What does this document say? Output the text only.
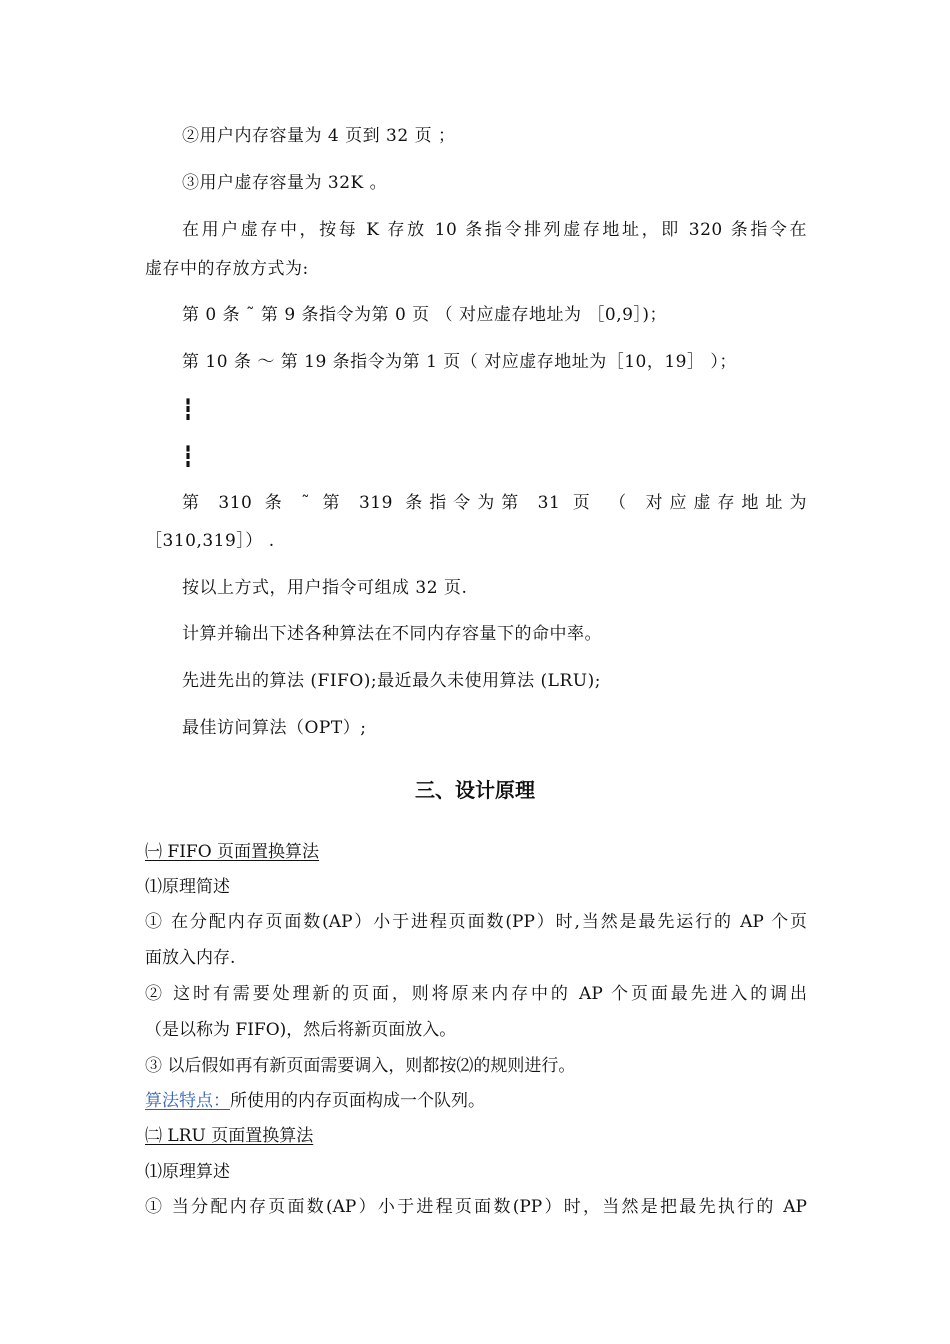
②用户内存容量为 4 页到 32 页 ；
③用户虚存容量为 32K 。
在用户虚存中，按每 K 存放 10 条指令排列虚存地址，即 320 条指令在
虚存中的存放方式为:
第 0 条 ˜ 第 9 条指令为第 0 页 （ 对应虚存地址为 ［0,9］)；
第 10 条 ～ 第 19 条指令为第 1 页（ 对应虚存地址为［10，19］ ）；
┇
┇
第 310 条 ˜ 第 319 条指令为第 31 页 （ 对应虚存地址为
［310,319］） .
按以上方式，用户指令可组成 32 页.
计算并输出下述各种算法在不同内存容量下的命中率。
先进先出的算法 (FIFO);最近最久未使用算法 (LRU);
最佳访问算法（OPT）;
三、设计原理
㈠ FIFO 页面置换算法
⑴原理简述
① 在分配内存页面数(AP）小于进程页面数(PP）时,当然是最先运行的 AP 个页
面放入内存.
② 这时有需要处理新的页面，则将原来内存中的 AP 个页面最先进入的调出
（是以称为 FIFO)，然后将新页面放入。
③ 以后假如再有新页面需要调入，则都按⑵的规则进行。
算法特点：所使用的内存页面构成一个队列。
㈡ LRU 页面置换算法
⑴原理算述
① 当分配内存页面数(AP）小于进程页面数(PP）时，当然是把最先执行的 AP
